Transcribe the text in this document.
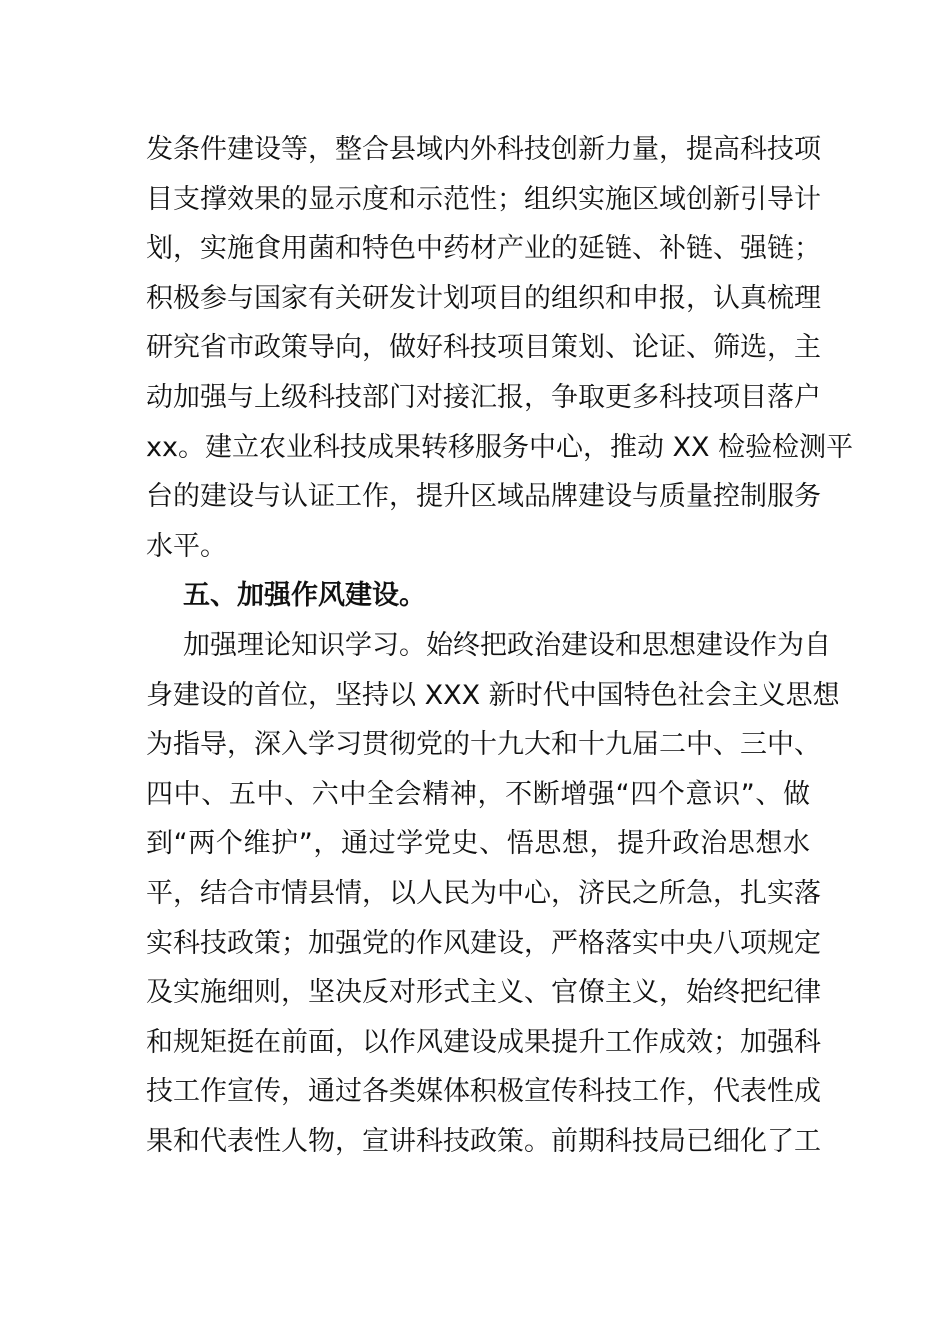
发条件建设等，整合县域内外科技创新力量，提高科技项
目支撑效果的显示度和示范性；组织实施区域创新引导计
划，实施食用菌和特色中药材产业的延链、补链、强链；
积极参与国家有关研发计划项目的组织和申报，认真梳理
研究省市政策导向，做好科技项目策划、论证、筛选，主
动加强与上级科技部门对接汇报，争取更多科技项目落户
xx。建立农业科技成果转移服务中心，推动 XX 检验检测平
台的建设与认证工作，提升区域品牌建设与质量控制服务
水平。
五、加强作风建设。
加强理论知识学习。始终把政治建设和思想建设作为自
身建设的首位，坚持以 XXX 新时代中国特色社会主义思想
为指导，深入学习贯彻党的十九大和十九届二中、三中、
四中、五中、六中全会精神，不断增强“四个意识”、做
到“两个维护”，通过学党史、悟思想，提升政治思想水
平，结合市情县情，以人民为中心，济民之所急，扎实落
实科技政策；加强党的作风建设，严格落实中央八项规定
及实施细则，坚决反对形式主义、官僚主义，始终把纪律
和规矩挺在前面，以作风建设成果提升工作成效；加强科
技工作宣传，通过各类媒体积极宣传科技工作，代表性成
果和代表性人物，宣讲科技政策。前期科技局已细化了工
